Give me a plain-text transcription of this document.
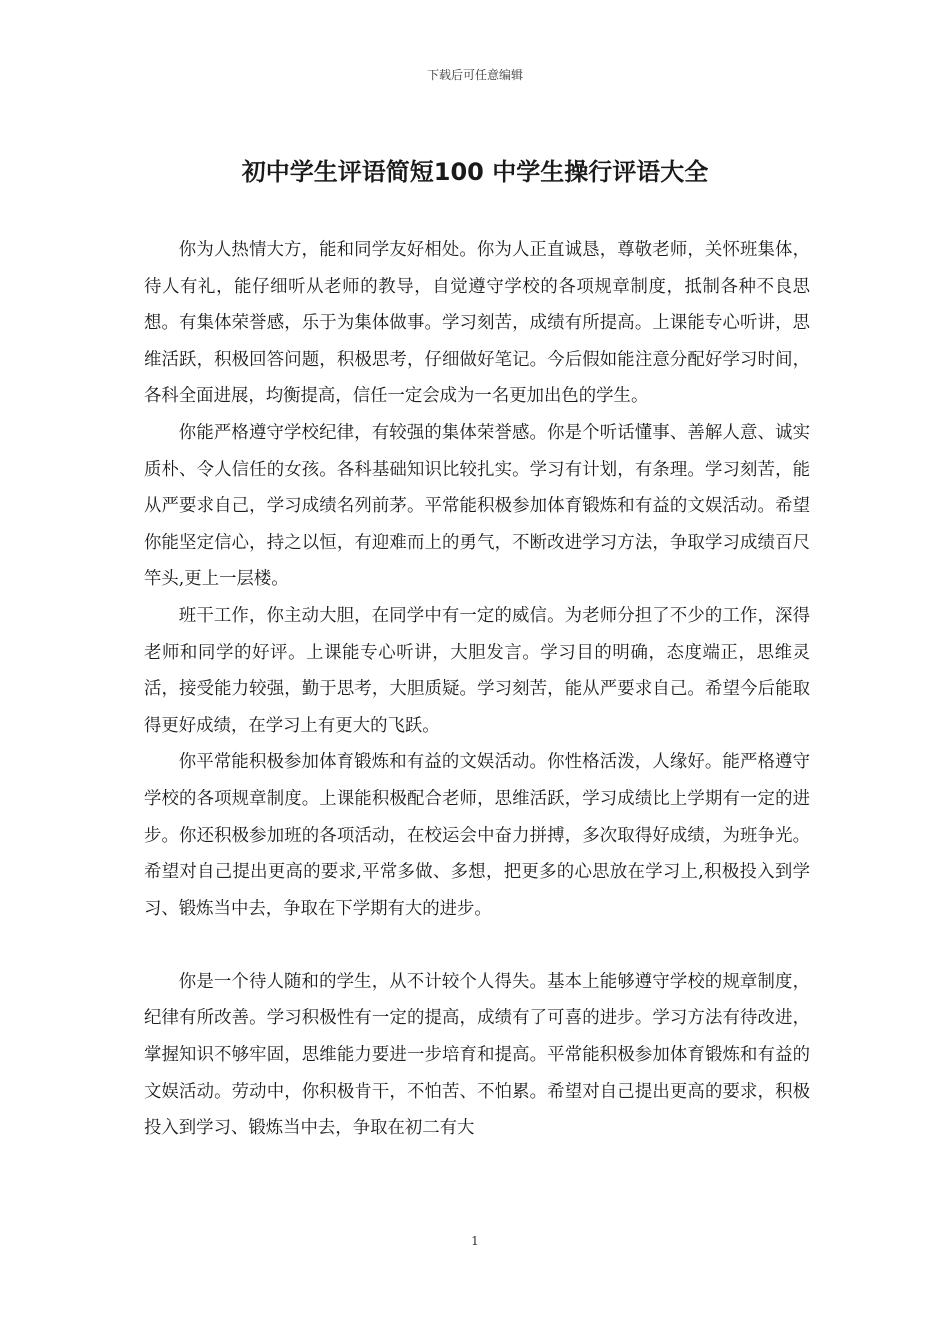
下载后可任意编辑
初中学生评语简短100 中学生操行评语大全

你为人热情大方，能和同学友好相处。你为人正直诚恳，尊敬老师，关怀班集体，待人有礼，能仔细听从老师的教导，自觉遵守学校的各项规章制度，抵制各种不良思想。有集体荣誉感，乐于为集体做事。学习刻苦，成绩有所提高。上课能专心听讲，思维活跃，积极回答问题，积极思考，仔细做好笔记。今后假如能注意分配好学习时间，各科全面进展，均衡提高，信任一定会成为一名更加出色的学生。

你能严格遵守学校纪律，有较强的集体荣誉感。你是个听话懂事、善解人意、诚实质朴、令人信任的女孩。各科基础知识比较扎实。学习有计划，有条理。学习刻苦，能从严要求自己，学习成绩名列前茅。平常能积极参加体育锻炼和有益的文娱活动。希望你能坚定信心，持之以恒，有迎难而上的勇气，不断改进学习方法，争取学习成绩百尺竿头,更上一层楼。

班干工作，你主动大胆，在同学中有一定的威信。为老师分担了不少的工作，深得老师和同学的好评。上课能专心听讲，大胆发言。学习目的明确，态度端正，思维灵活，接受能力较强，勤于思考，大胆质疑。学习刻苦，能从严要求自己。希望今后能取得更好成绩，在学习上有更大的飞跃。

你平常能积极参加体育锻炼和有益的文娱活动。你性格活泼，人缘好。能严格遵守学校的各项规章制度。上课能积极配合老师，思维活跃，学习成绩比上学期有一定的进步。你还积极参加班的各项活动，在校运会中奋力拼搏，多次取得好成绩，为班争光。希望对自己提出更高的要求,平常多做、多想，把更多的心思放在学习上,积极投入到学习、锻炼当中去，争取在下学期有大的进步。

你是一个待人随和的学生，从不计较个人得失。基本上能够遵守学校的规章制度，纪律有所改善。学习积极性有一定的提高，成绩有了可喜的进步。学习方法有待改进，掌握知识不够牢固，思维能力要进一步培育和提高。平常能积极参加体育锻炼和有益的文娱活动。劳动中，你积极肯干，不怕苦、不怕累。希望对自己提出更高的要求，积极投入到学习、锻炼当中去，争取在初二有大

1
